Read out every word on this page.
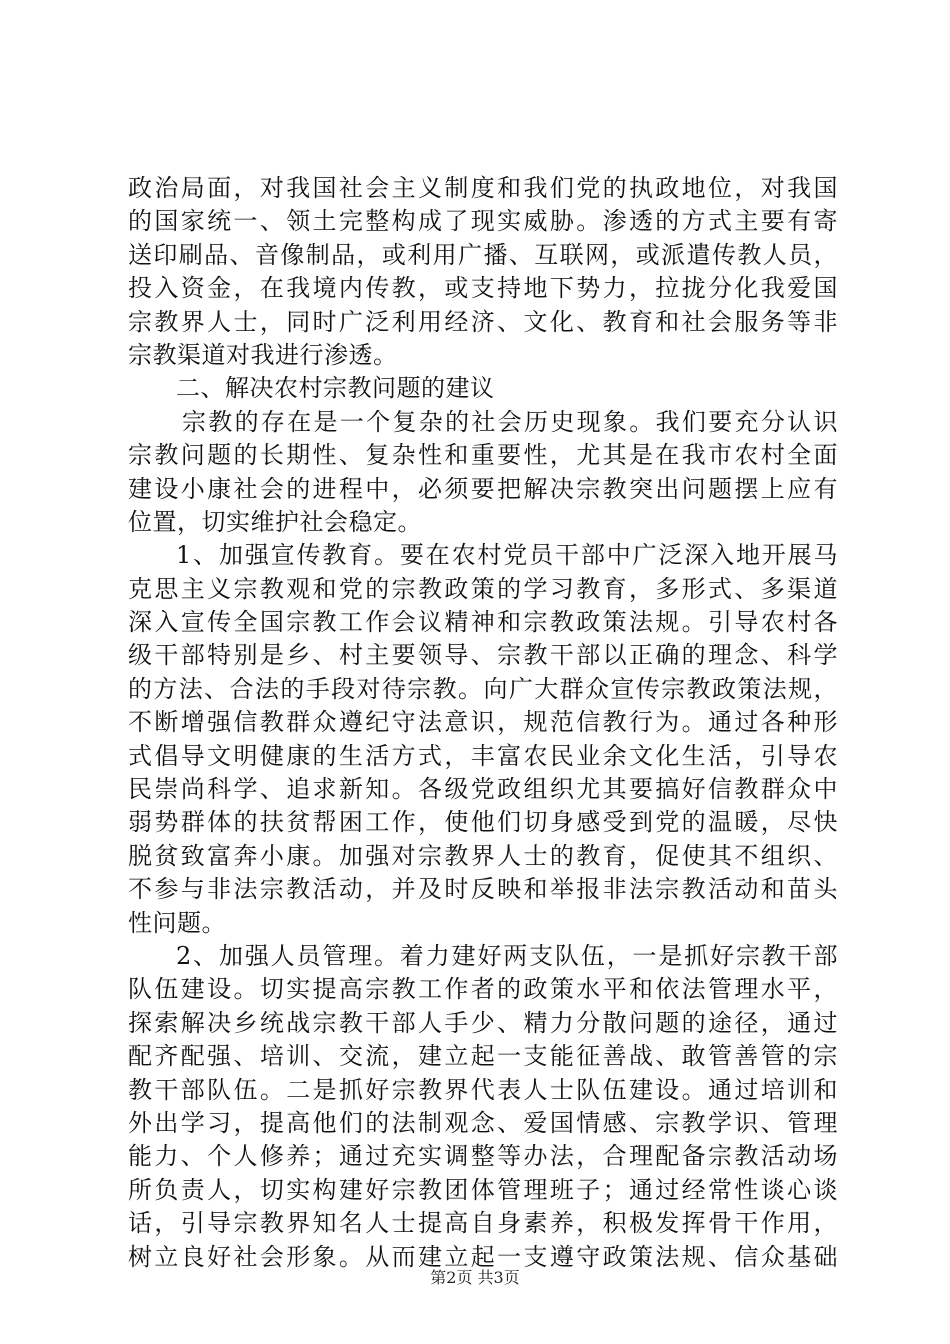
政治局面，对我国社会主义制度和我们党的执政地位，对我国
的国家统一、领土完整构成了现实威胁。渗透的方式主要有寄
送印刷品、音像制品，或利用广播、互联网，或派遣传教人员，
投入资金，在我境内传教，或支持地下势力，拉拢分化我爱国
宗教界人士，同时广泛利用经济、文化、教育和社会服务等非
宗教渠道对我进行渗透。
二、解决农村宗教问题的建议
宗教的存在是一个复杂的社会历史现象。我们要充分认识
宗教问题的长期性、复杂性和重要性，尤其是在我市农村全面
建设小康社会的进程中，必须要把解决宗教突出问题摆上应有
位置，切实维护社会稳定。
1、加强宣传教育。要在农村党员干部中广泛深入地开展马
克思主义宗教观和党的宗教政策的学习教育，多形式、多渠道
深入宣传全国宗教工作会议精神和宗教政策法规。引导农村各
级干部特别是乡、村主要领导、宗教干部以正确的理念、科学
的方法、合法的手段对待宗教。向广大群众宣传宗教政策法规，
不断增强信教群众遵纪守法意识，规范信教行为。通过各种形
式倡导文明健康的生活方式，丰富农民业余文化生活，引导农
民崇尚科学、追求新知。各级党政组织尤其要搞好信教群众中
弱势群体的扶贫帮困工作，使他们切身感受到党的温暖，尽快
脱贫致富奔小康。加强对宗教界人士的教育，促使其不组织、
不参与非法宗教活动，并及时反映和举报非法宗教活动和苗头
性问题。
2、加强人员管理。着力建好两支队伍，一是抓好宗教干部
队伍建设。切实提高宗教工作者的政策水平和依法管理水平，
探索解决乡统战宗教干部人手少、精力分散问题的途径，通过
配齐配强、培训、交流，建立起一支能征善战、敢管善管的宗
教干部队伍。二是抓好宗教界代表人士队伍建设。通过培训和
外出学习，提高他们的法制观念、爱国情感、宗教学识、管理
能力、个人修养；通过充实调整等办法，合理配备宗教活动场
所负责人，切实构建好宗教团体管理班子；通过经常性谈心谈
话，引导宗教界知名人士提高自身素养，积极发挥骨干作用，
树立良好社会形象。从而建立起一支遵守政策法规、信众基础
第2页 共3页
